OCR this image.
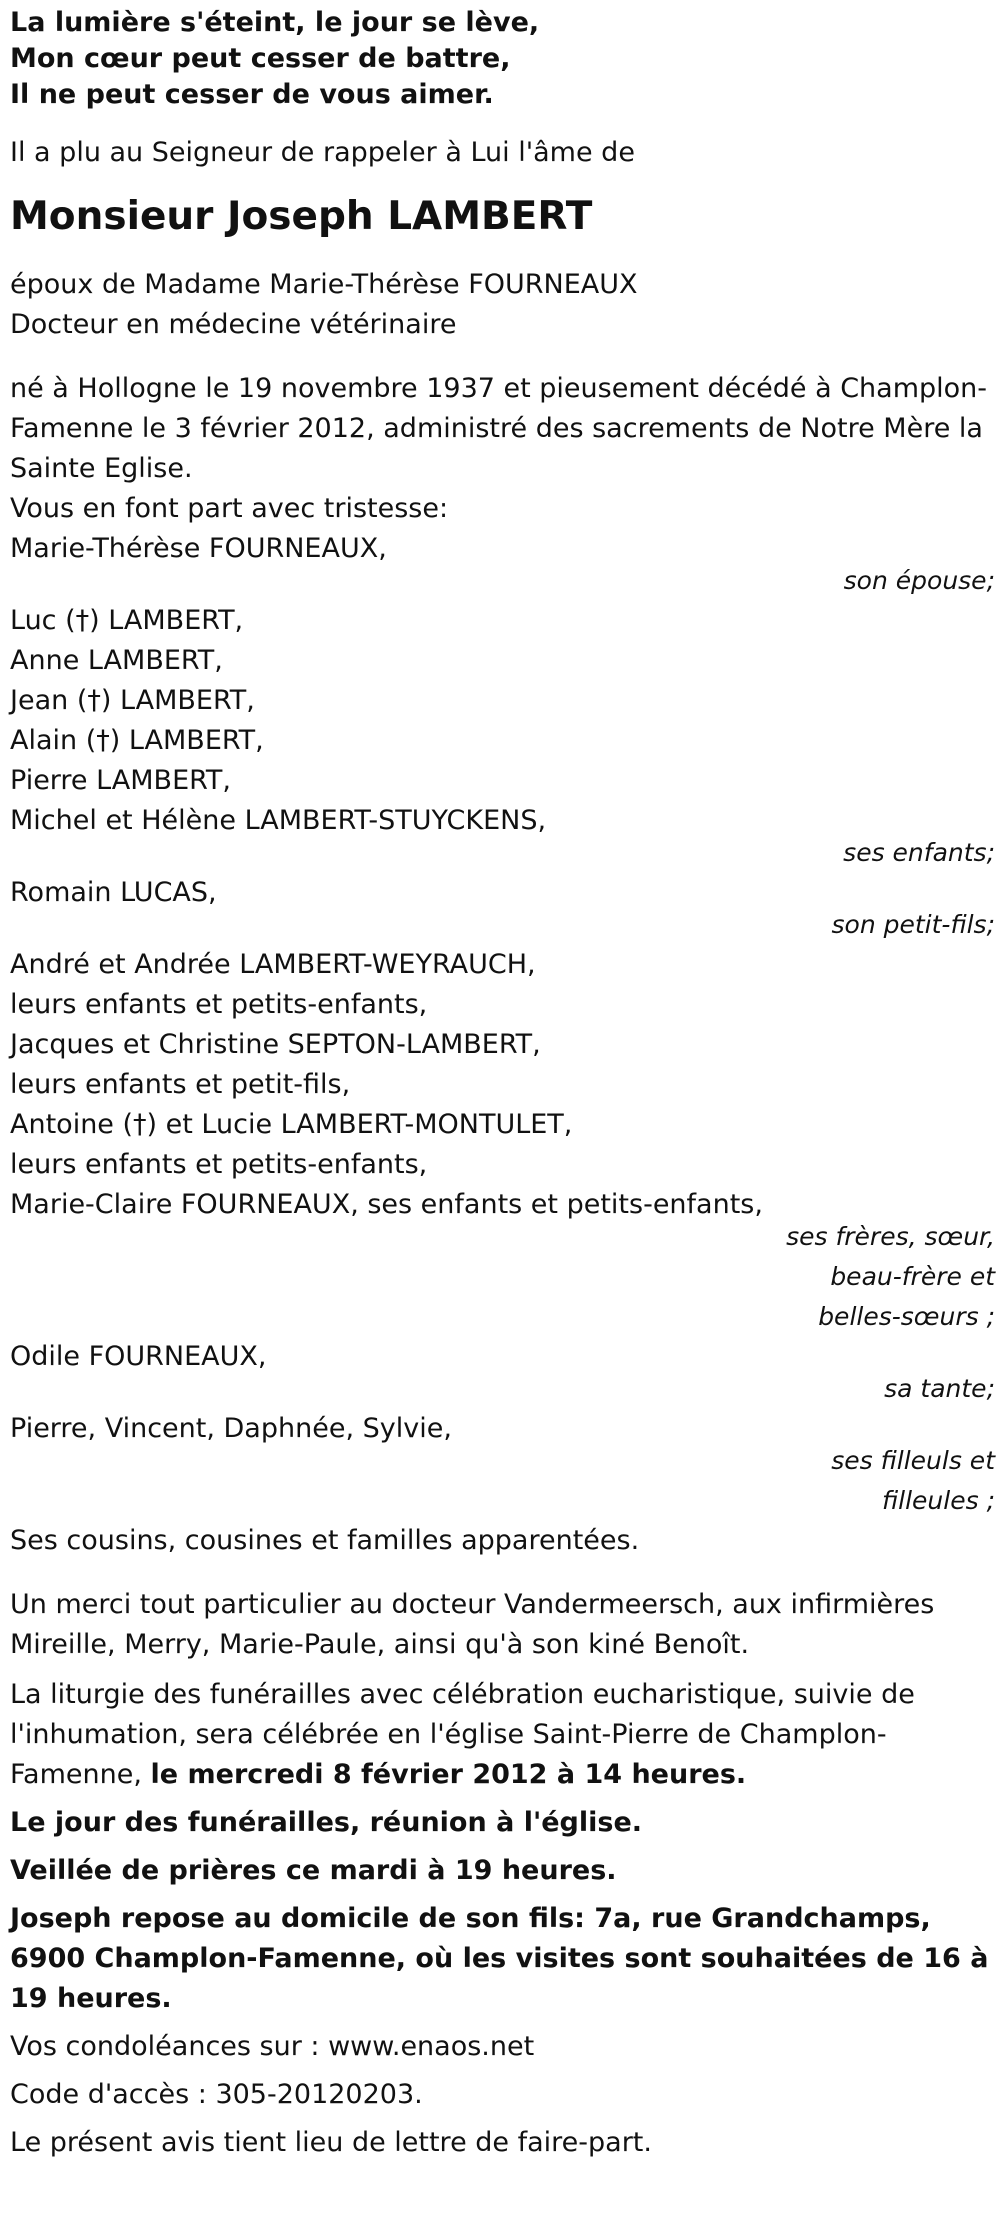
La lumière s'éteint, le jour se lève,

Mon cœur peut cesser de battre,

Il ne peut cesser de vous aimer.

Il a plu au Seigneur de rappeler à Lui l'âme de

Monsieur Joseph LAMBERT

époux de Madame Marie-Thérèse FOURNEAUX

Docteur en médecine vétérinaire

né à Hollogne le 19 novembre 1937 et pieusement décédé à Champlon-Famenne le 3 février 2012, administré des sacrements de Notre Mère la Sainte Eglise.

Vous en font part avec tristesse:

Marie-Thérèse FOURNEAUX,

son épouse;

Luc (†) LAMBERT,

Anne LAMBERT,

Jean (†) LAMBERT,

Alain (†) LAMBERT,

Pierre LAMBERT,

Michel et Hélène LAMBERT-STUYCKENS,

ses enfants;

Romain LUCAS,

son petit-fils;

André et Andrée LAMBERT-WEYRAUCH,

leurs enfants et petits-enfants,

Jacques et Christine SEPTON-LAMBERT,

leurs enfants et petit-fils,

Antoine (†) et Lucie LAMBERT-MONTULET,

leurs enfants et petits-enfants,

Marie-Claire FOURNEAUX, ses enfants et petits-enfants,

ses frères, sœur,

beau-frère et

belles-sœurs ;

Odile FOURNEAUX,

sa tante;

Pierre, Vincent, Daphnée, Sylvie,

ses filleuls et

filleules ;

Ses cousins, cousines et familles apparentées.

Un merci tout particulier au docteur Vandermeersch, aux infirmières Mireille, Merry, Marie-Paule, ainsi qu'à son kiné Benoît.

La liturgie des funérailles avec célébration eucharistique, suivie de l'inhumation, sera célébrée en l'église Saint-Pierre de Champlon-Famenne, le mercredi 8 février 2012 à 14 heures.

Le jour des funérailles, réunion à l'église.

Veillée de prières ce mardi à 19 heures.

Joseph repose au domicile de son fils: 7a, rue Grandchamps, 6900 Champlon-Famenne, où les visites sont souhaitées de 16 à 19 heures.

Vos condoléances sur : www.enaos.net

Code d'accès : 305-20120203.

Le présent avis tient lieu de lettre de faire-part.
